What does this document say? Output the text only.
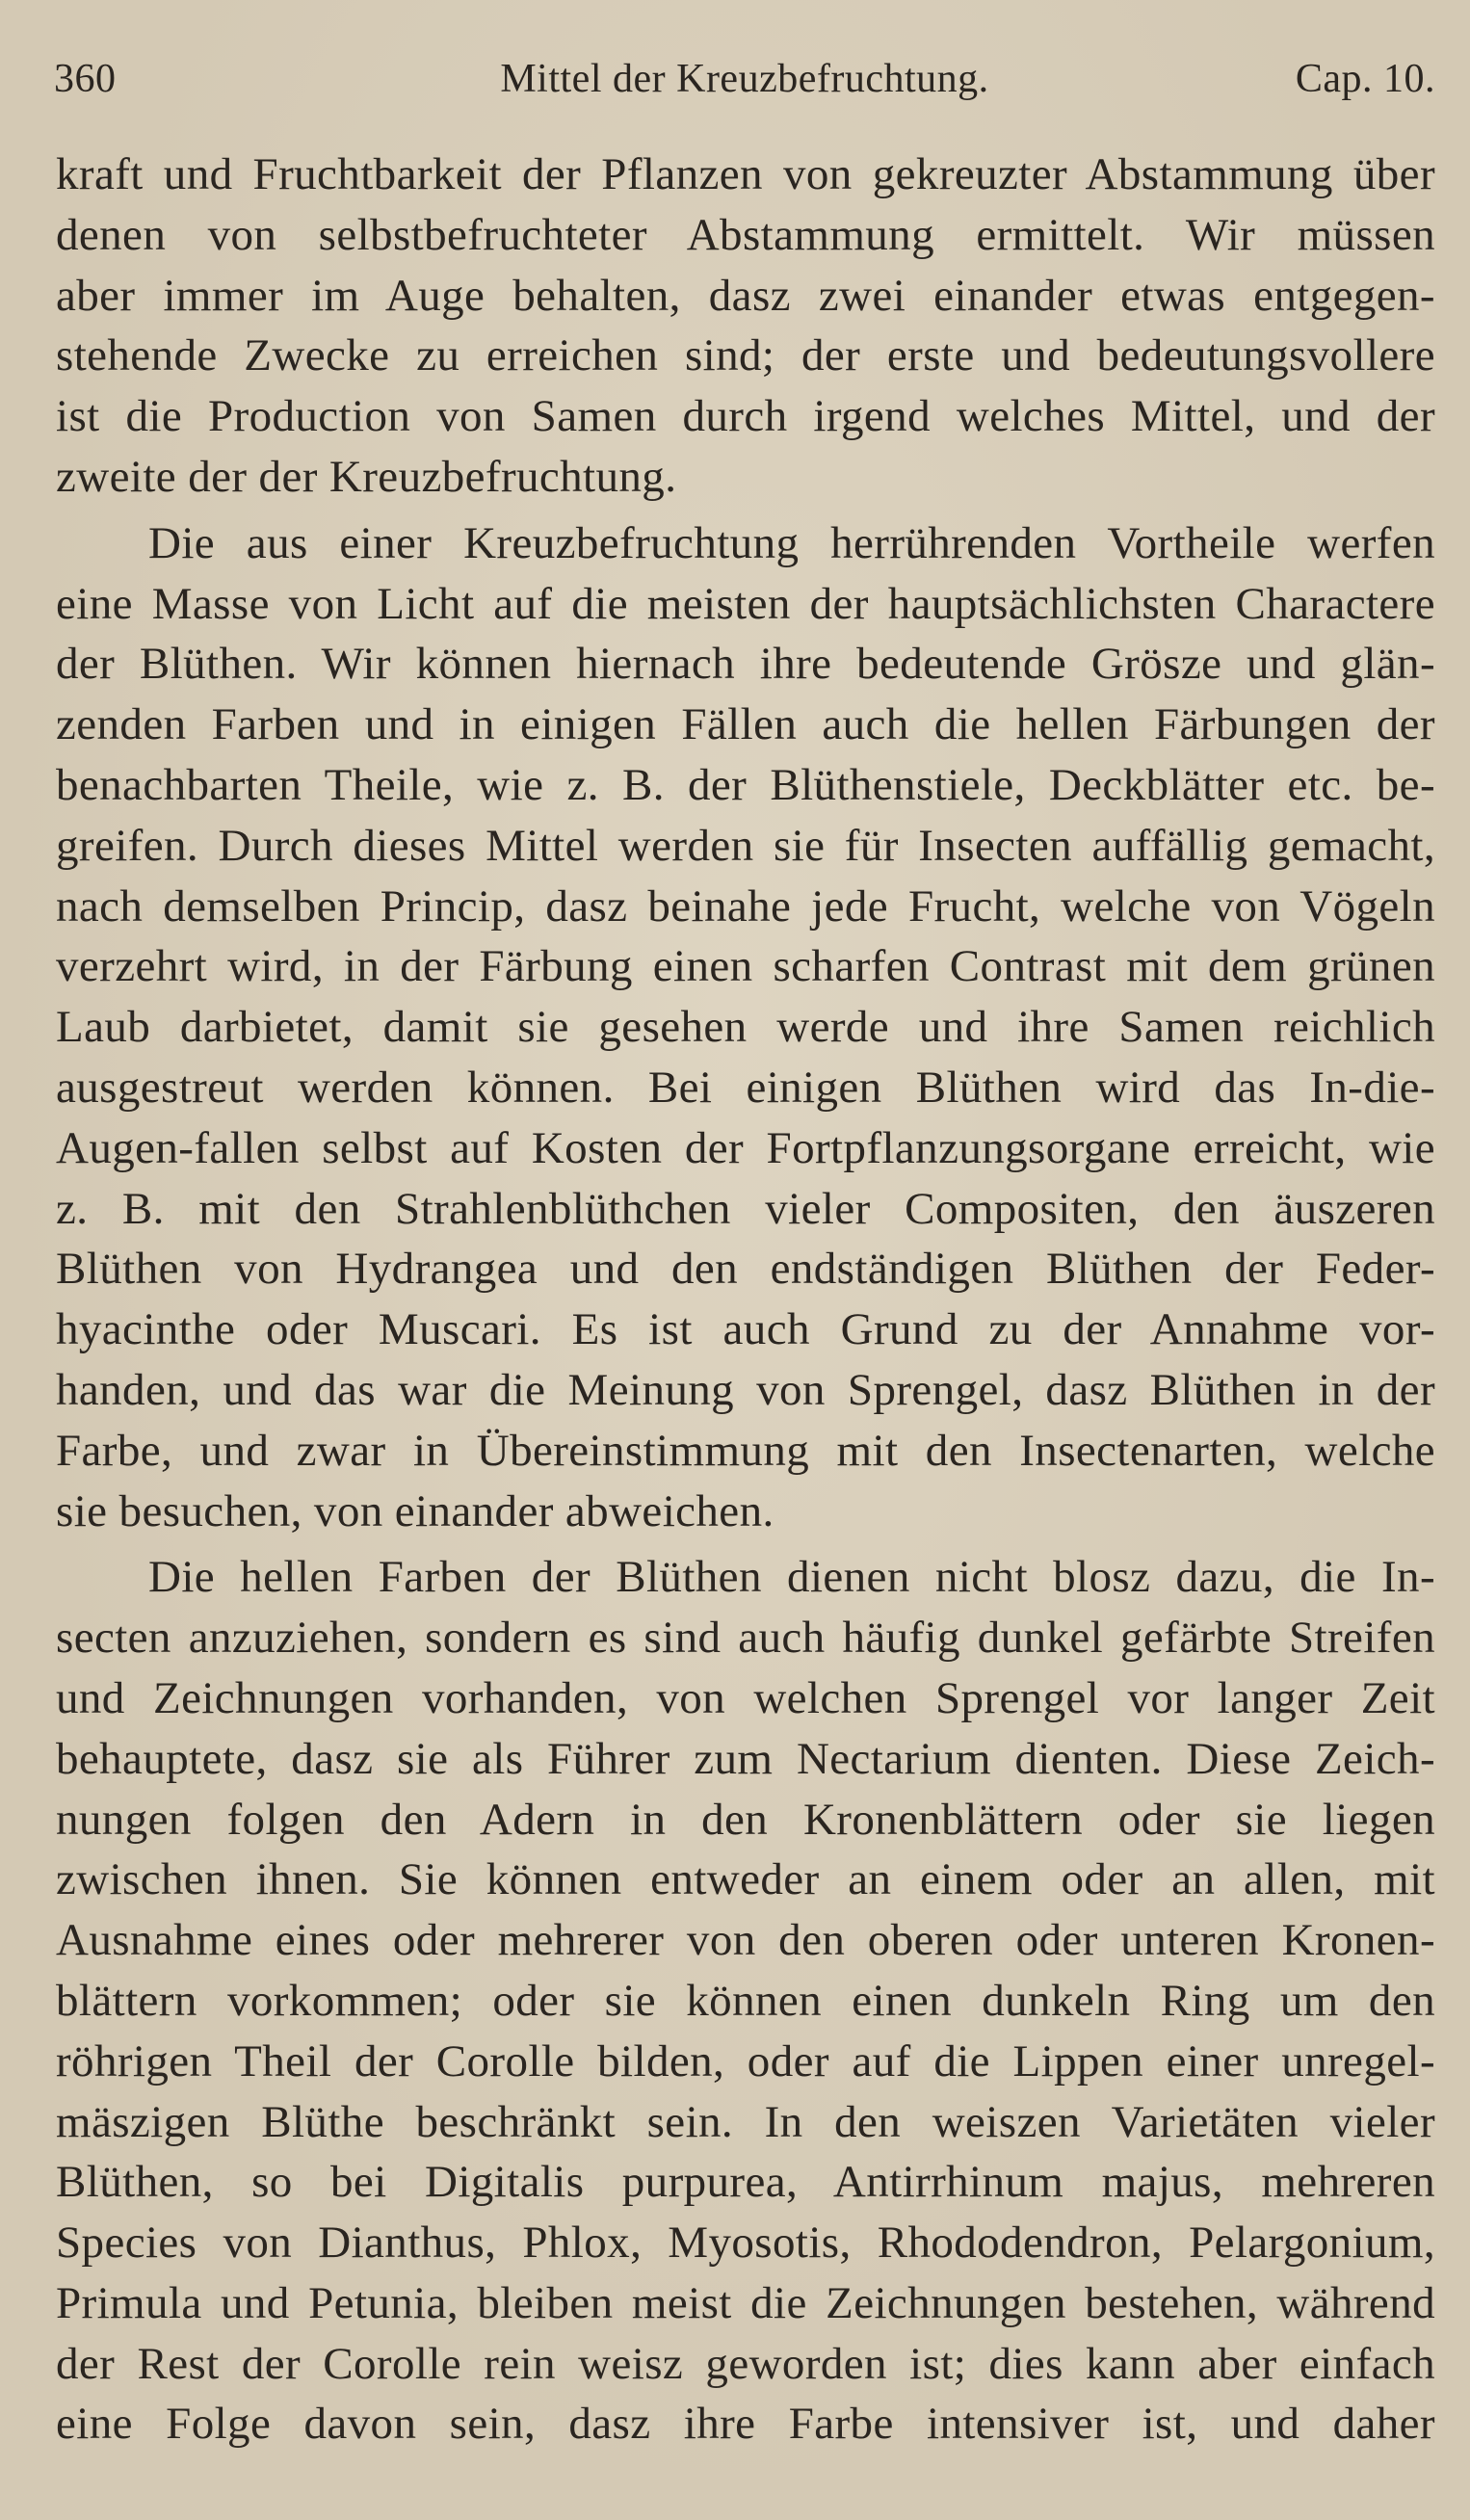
360	Mittel der Kreuzbefruchtung.	Cap. 10.
kraft und Fruchtbarkeit der Pflanzen von gekreuzter Abstammung über
denen von selbstbefruchteter Abstammung ermittelt. Wir müssen
aber immer im Auge behalten, dasz zwei einander etwas entgegen-
stehende Zwecke zu erreichen sind; der erste und bedeutungsvollere
ist die Production von Samen durch irgend welches Mittel, und der
zweite der der Kreuzbefruchtung.
Die aus einer Kreuzbefruchtung herrührenden Vortheile werfen
eine Masse von Licht auf die meisten der hauptsächlichsten Charactere
der Blüthen. Wir können hiernach ihre bedeutende Grösze und glän-
zenden Farben und in einigen Fällen auch die hellen Färbungen der
benachbarten Theile, wie z. B. der Blüthenstiele, Deckblätter etc. be-
greifen. Durch dieses Mittel werden sie für Insecten auffällig gemacht,
nach demselben Princip, dasz beinahe jede Frucht, welche von Vögeln
verzehrt wird, in der Färbung einen scharfen Contrast mit dem grünen
Laub darbietet, damit sie gesehen werde und ihre Samen reichlich
ausgestreut werden können. Bei einigen Blüthen wird das In-die-
Augen-fallen selbst auf Kosten der Fortpflanzungsorgane erreicht, wie
z. B. mit den Strahlenblüthchen vieler Compositen, den äuszeren
Blüthen von Hydrangea und den endständigen Blüthen der Feder-
hyacinthe oder Muscari. Es ist auch Grund zu der Annahme vor-
handen, und das war die Meinung von Sprengel, dasz Blüthen in der
Farbe, und zwar in Übereinstimmung mit den Insectenarten, welche
sie besuchen, von einander abweichen.
Die hellen Farben der Blüthen dienen nicht blosz dazu, die In-
secten anzuziehen, sondern es sind auch häufig dunkel gefärbte Streifen
und Zeichnungen vorhanden, von welchen Sprengel vor langer Zeit
behauptete, dasz sie als Führer zum Nectarium dienten. Diese Zeich-
nungen folgen den Adern in den Kronenblättern oder sie liegen
zwischen ihnen. Sie können entweder an einem oder an allen, mit
Ausnahme eines oder mehrerer von den oberen oder unteren Kronen-
blättern vorkommen; oder sie können einen dunkeln Ring um den
röhrigen Theil der Corolle bilden, oder auf die Lippen einer unregel-
mäszigen Blüthe beschränkt sein. In den weiszen Varietäten vieler
Blüthen, so bei Digitalis purpurea, Antirrhinum majus, mehreren
Species von Dianthus, Phlox, Myosotis, Rhododendron, Pelargonium,
Primula und Petunia, bleiben meist die Zeichnungen bestehen, während
der Rest der Corolle rein weisz geworden ist; dies kann aber einfach
eine Folge davon sein, dasz ihre Farbe intensiver ist, und daher
